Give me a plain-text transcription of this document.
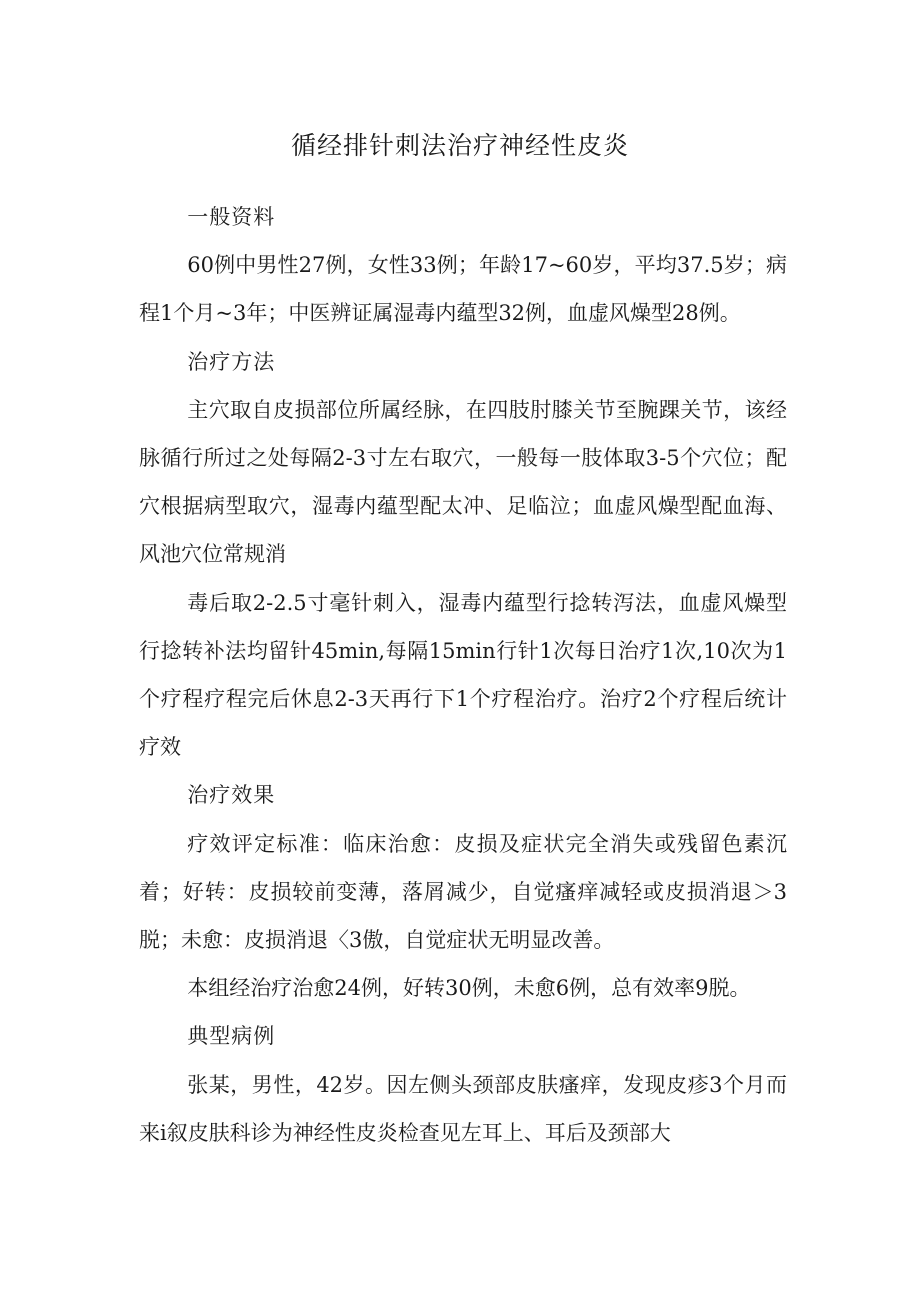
循经排针刺法治疗神经性皮炎

一般资料

60例中男性27例，女性33例；年龄17~60岁，平均37.5岁；病程1个月~3年；中医辨证属湿毒内蕴型32例，血虚风燥型28例。

治疗方法

主穴取自皮损部位所属经脉，在四肢肘膝关节至腕踝关节，该经脉循行所过之处每隔2-3寸左右取穴，一般每一肢体取3-5个穴位；配穴根据病型取穴，湿毒内蕴型配太冲、足临泣；血虚风燥型配血海、风池穴位常规消

毒后取2-2.5寸毫针刺入，湿毒内蕴型行捻转泻法，血虚风燥型行捻转补法均留针45min,每隔15min行针1次每日治疗1次,10次为1个疗程疗程完后休息2-3天再行下1个疗程治疗。治疗2个疗程后统计疗效

治疗效果

疗效评定标准：临床治愈：皮损及症状完全消失或残留色素沉着；好转：皮损较前变薄，落屑减少，自觉瘙痒减轻或皮损消退＞3脱；未愈：皮损消退〈3傲，自觉症状无明显改善。

本组经治疗治愈24例，好转30例，未愈6例，总有效率9脱。

典型病例

张某，男性，42岁。因左侧头颈部皮肤瘙痒，发现皮疹3个月而来i叙皮肤科诊为神经性皮炎检查见左耳上、耳后及颈部大
